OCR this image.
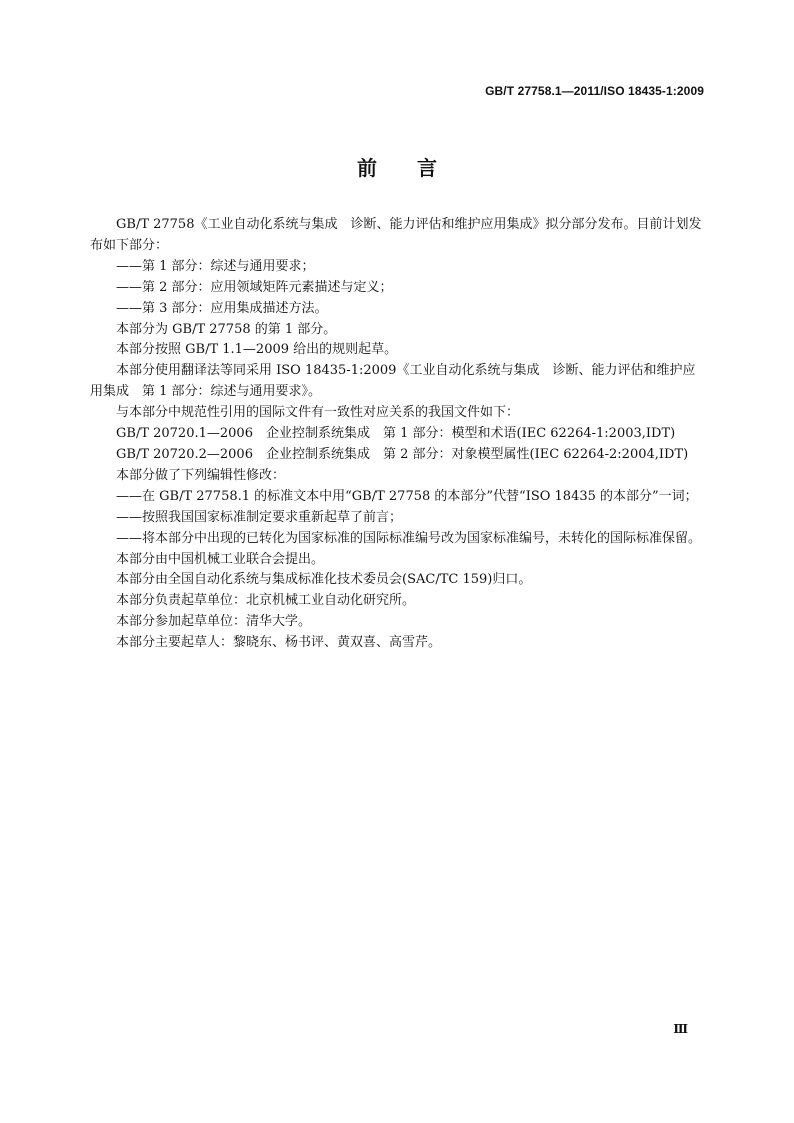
GB/T 27758.1—2011/ISO 18435-1:2009
前言

GB/T 27758《工业自动化系统与集成　诊断、能力评估和维护应用集成》拟分部分发布。目前计划发布如下部分：

——第 1 部分：综述与通用要求；

——第 2 部分：应用领域矩阵元素描述与定义；

——第 3 部分：应用集成描述方法。

本部分为 GB/T 27758 的第 1 部分。

本部分按照 GB/T 1.1—2009 给出的规则起草。

本部分使用翻译法等同采用 ISO 18435-1:2009《工业自动化系统与集成　诊断、能力评估和维护应用集成　第 1 部分：综述与通用要求》。

与本部分中规范性引用的国际文件有一致性对应关系的我国文件如下：

GB/T 20720.1—2006　企业控制系统集成　第 1 部分：模型和术语(IEC 62264-1:2003,IDT)

GB/T 20720.2—2006　企业控制系统集成　第 2 部分：对象模型属性(IEC 62264-2:2004,IDT)

本部分做了下列编辑性修改：

——在 GB/T 27758.1 的标准文本中用“GB/T 27758 的本部分”代替“ISO 18435 的本部分”一词；

——按照我国国家标准制定要求重新起草了前言；

——将本部分中出现的已转化为国家标准的国际标准编号改为国家标准编号，未转化的国际标准保留。

本部分由中国机械工业联合会提出。

本部分由全国自动化系统与集成标准化技术委员会(SAC/TC 159)归口。

本部分负责起草单位：北京机械工业自动化研究所。

本部分参加起草单位：清华大学。

本部分主要起草人：黎晓东、杨书评、黄双喜、高雪芹。

Ⅲ
